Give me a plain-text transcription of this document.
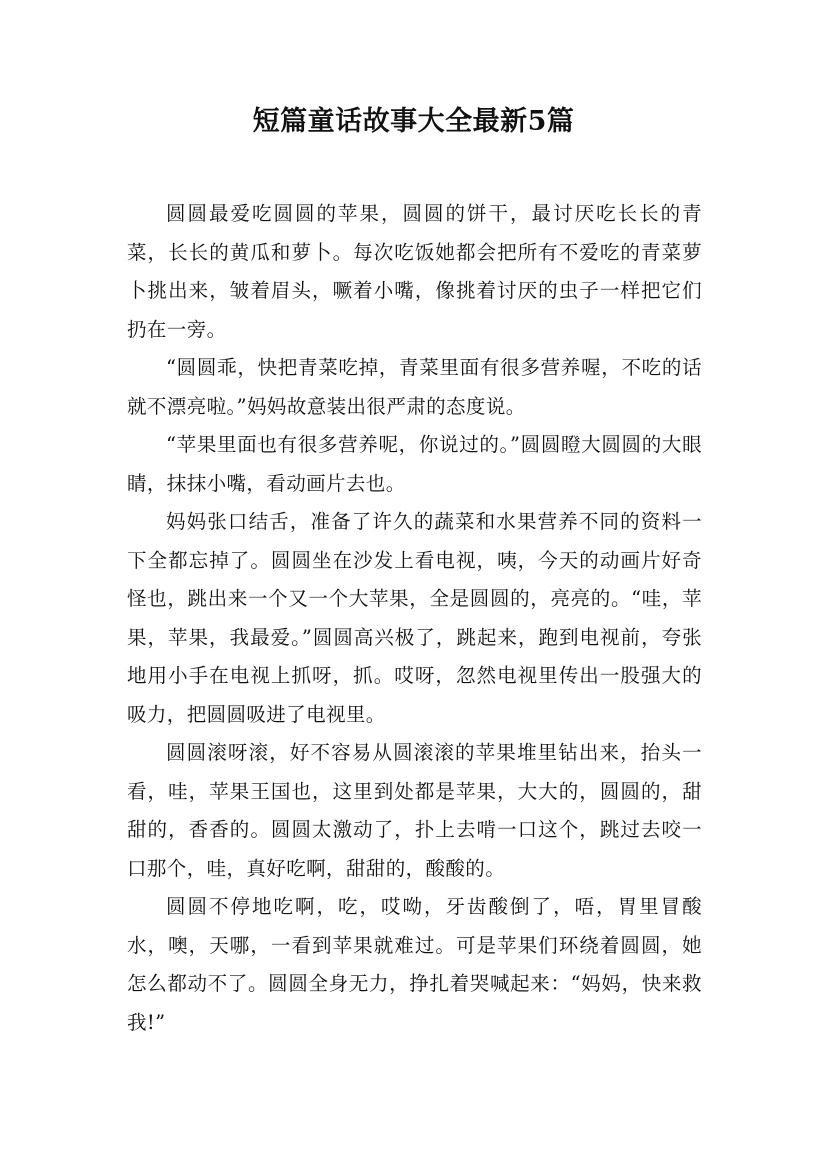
短篇童话故事大全最新5篇

圆圆最爱吃圆圆的苹果，圆圆的饼干，最讨厌吃长长的青菜，长长的黄瓜和萝卜。每次吃饭她都会把所有不爱吃的青菜萝卜挑出来，皱着眉头，噘着小嘴，像挑着讨厌的虫子一样把它们扔在一旁。

“圆圆乖，快把青菜吃掉，青菜里面有很多营养喔，不吃的话就不漂亮啦。”妈妈故意装出很严肃的态度说。

“苹果里面也有很多营养呢，你说过的。”圆圆瞪大圆圆的大眼睛，抹抹小嘴，看动画片去也。

妈妈张口结舌，准备了许久的蔬菜和水果营养不同的资料一下全都忘掉了。圆圆坐在沙发上看电视，咦，今天的动画片好奇怪也，跳出来一个又一个大苹果，全是圆圆的，亮亮的。“哇，苹果，苹果，我最爱。”圆圆高兴极了，跳起来，跑到电视前，夸张地用小手在电视上抓呀，抓。哎呀，忽然电视里传出一股强大的吸力，把圆圆吸进了电视里。

圆圆滚呀滚，好不容易从圆滚滚的苹果堆里钻出来，抬头一看，哇，苹果王国也，这里到处都是苹果，大大的，圆圆的，甜甜的，香香的。圆圆太激动了，扑上去啃一口这个，跳过去咬一口那个，哇，真好吃啊，甜甜的，酸酸的。

圆圆不停地吃啊，吃，哎呦，牙齿酸倒了，唔，胃里冒酸水，噢，天哪，一看到苹果就难过。可是苹果们环绕着圆圆，她怎么都动不了。圆圆全身无力，挣扎着哭喊起来：“妈妈，快来救我!”
